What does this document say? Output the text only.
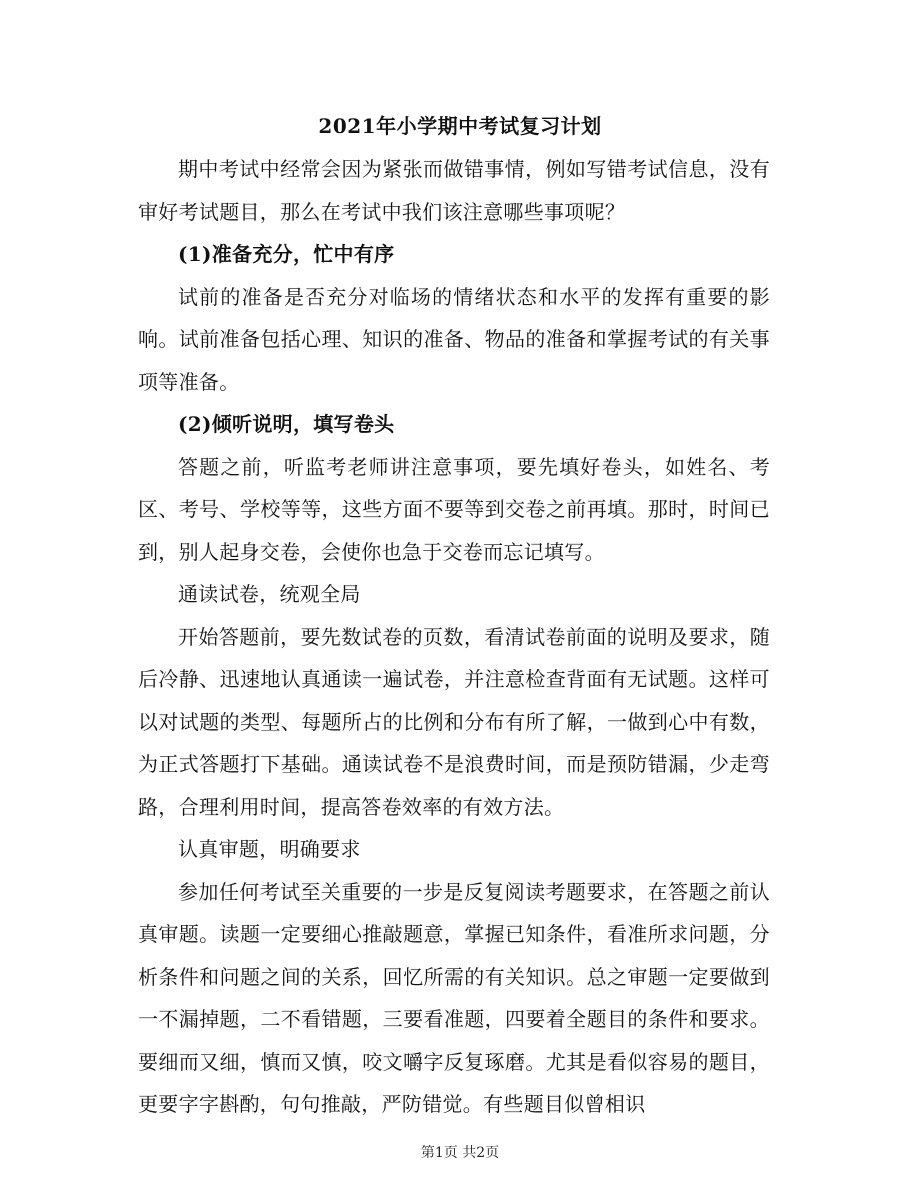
2021年小学期中考试复习计划

期中考试中经常会因为紧张而做错事情，例如写错考试信息，没有审好考试题目，那么在考试中我们该注意哪些事项呢？

(1)准备充分，忙中有序

试前的准备是否充分对临场的情绪状态和水平的发挥有重要的影响。试前准备包括心理、知识的准备、物品的准备和掌握考试的有关事项等准备。

(2)倾听说明，填写卷头

答题之前，听监考老师讲注意事项，要先填好卷头，如姓名、考区、考号、学校等等，这些方面不要等到交卷之前再填。那时，时间已到，别人起身交卷，会使你也急于交卷而忘记填写。

通读试卷，统观全局

开始答题前，要先数试卷的页数，看清试卷前面的说明及要求，随后冷静、迅速地认真通读一遍试卷，并注意检查背面有无试题。这样可以对试题的类型、每题所占的比例和分布有所了解，一做到心中有数，为正式答题打下基础。通读试卷不是浪费时间，而是预防错漏，少走弯路，合理利用时间，提高答卷效率的有效方法。

认真审题，明确要求

参加任何考试至关重要的一步是反复阅读考题要求，在答题之前认真审题。读题一定要细心推敲题意，掌握已知条件，看准所求问题，分析条件和问题之间的关系，回忆所需的有关知识。总之审题一定要做到一不漏掉题，二不看错题，三要看准题，四要着全题目的条件和要求。要细而又细，慎而又慎，咬文嚼字反复琢磨。尤其是看似容易的题目，更要字字斟酌，句句推敲，严防错觉。有些题目似曾相识

第1页 共2页
